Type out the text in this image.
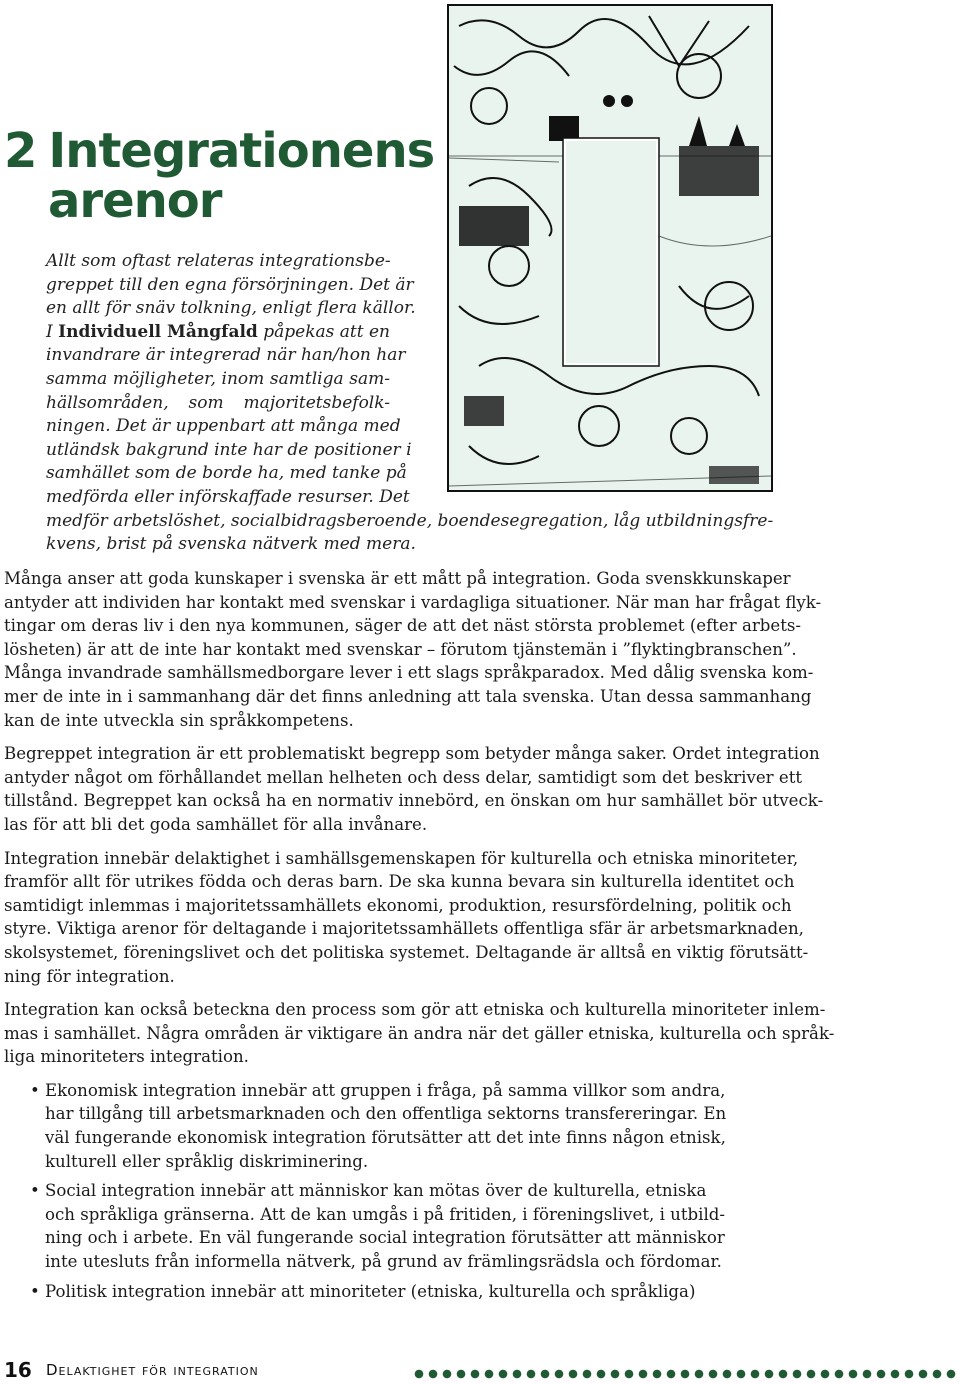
2 Integrationens
arenor
Allt som oftast relateras integrationsbe-
greppet till den egna försörjningen. Det är
en allt för snäv tolkning, enligt flera källor.
I Individuell Mångfald påpekas att en
invandrare är integrerad när han/hon har
samma möjligheter, inom samtliga sam-
hällsområden, som majoritetsbefolk-
ningen. Det är uppenbart att många med
utländsk bakgrund inte har de positioner i
samhället som de borde ha, med tanke på
medförda eller införskaffade resurser. Det
medför arbetslöshet, socialbidragsberoende, boendesegregation, låg utbildningsfre-
kvens, brist på svenska nätverk med mera.

Många anser att goda kunskaper i svenska är ett mått på integration. Goda svenskkunskaper
antyder att individen har kontakt med svenskar i vardagliga situationer. När man har frågat flyk-
tingar om deras liv i den nya kommunen, säger de att det näst största problemet (efter arbets-
lösheten) är att de inte har kontakt med svenskar – förutom tjänstemän i ”flyktingbranschen”.
Många invandrade samhällsmedborgare lever i ett slags språkparadox. Med dålig svenska kom-
mer de inte in i sammanhang där det finns anledning att tala svenska. Utan dessa sammanhang
kan de inte utveckla sin språkkompetens.

Begreppet integration är ett problematiskt begrepp som betyder många saker. Ordet integration
antyder något om förhållandet mellan helheten och dess delar, samtidigt som det beskriver ett
tillstånd. Begreppet kan också ha en normativ innebörd, en önskan om hur samhället bör utveck-
las för att bli det goda samhället för alla invånare.

Integration innebär delaktighet i samhällsgemenskapen för kulturella och etniska minoriteter,
framför allt för utrikes födda och deras barn. De ska kunna bevara sin kulturella identitet och
samtidigt inlemmas i majoritetssamhällets ekonomi, produktion, resursfördelning, politik och
styre. Viktiga arenor för deltagande i majoritetssamhällets offentliga sfär är arbetsmarknaden,
skolsystemet, föreningslivet och det politiska systemet. Deltagande är alltså en viktig förutsätt-
ning för integration.

Integration kan också beteckna den process som gör att etniska och kulturella minoriteter inlem-
mas i samhället. Några områden är viktigare än andra när det gäller etniska, kulturella och språk-
liga minoriteters integration.

• Ekonomisk integration innebär att gruppen i fråga, på samma villkor som andra,
har tillgång till arbetsmarknaden och den offentliga sektorns transfereringar. En
väl fungerande ekonomisk integration förutsätter att det inte finns någon etnisk,
kulturell eller språklig diskriminering.
• Social integration innebär att människor kan mötas över de kulturella, etniska
och språkliga gränserna. Att de kan umgås i på fritiden, i föreningslivet, i utbild-
ning och i arbete. En väl fungerande social integration förutsätter att människor
inte utesluts från informella nätverk, på grund av främlingsrädsla och fördomar.
• Politisk integration innebär att minoriteter (etniska, kulturella och språkliga)
16 Delaktighet för integration
